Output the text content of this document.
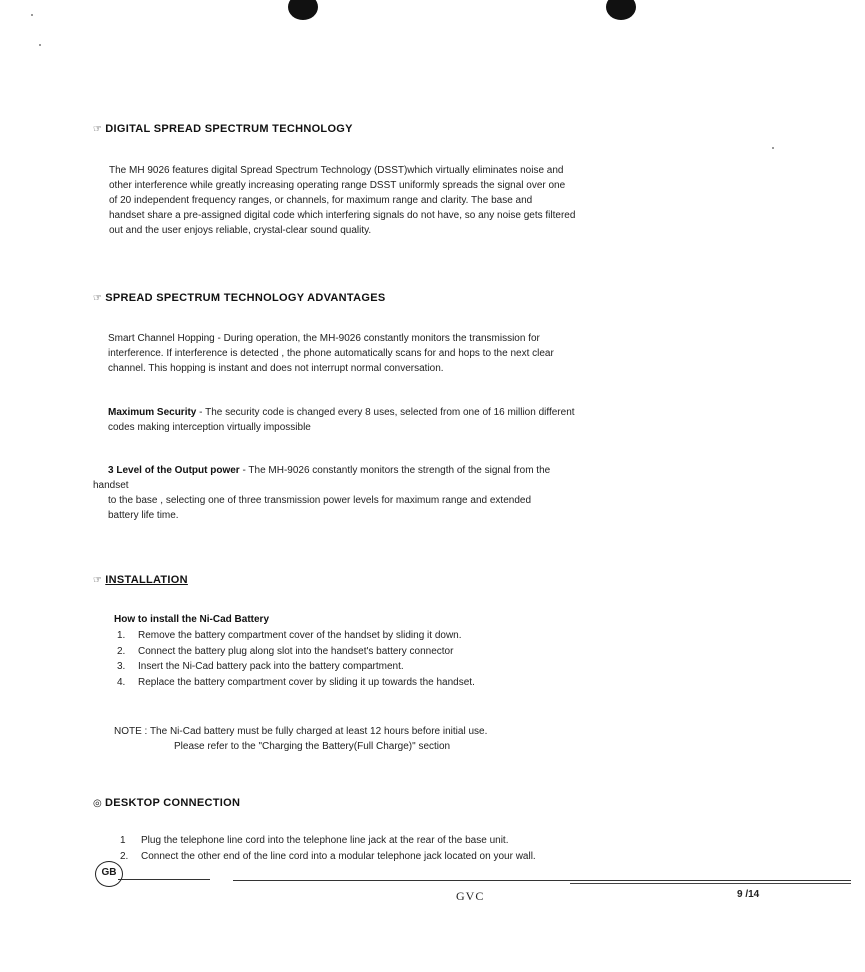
☞ DIGITAL SPREAD SPECTRUM TECHNOLOGY
The MH 9026 features digital Spread Spectrum Technology (DSST)which virtually eliminates noise and
other interference while greatly increasing operating range DSST uniformly spreads the signal over one
of 20 independent frequency ranges, or channels, for maximum range and clarity. The base and
handset share a pre-assigned digital code which interfering signals do not have, so any noise gets filtered
out and the user enjoys reliable, crystal-clear sound quality.
☞ SPREAD SPECTRUM TECHNOLOGY ADVANTAGES
Smart Channel Hopping - During operation, the MH-9026 constantly monitors the transmission for
interference. If interference is detected , the phone automatically scans for and hops to the next clear
channel. This hopping is instant and does not interrupt normal conversation.
Maximum Security - The security code is changed every 8 uses, selected from one of 16 million different
codes making interception virtually impossible
3 Level of the Output power - The MH-9026 constantly monitors the strength of the signal from the
handset
to the base , selecting one of three transmission power levels for maximum range and extended
battery life time.
☞ INSTALLATION
How to install the Ni-Cad Battery
1. Remove the battery compartment cover of the handset by sliding it down.
2. Connect the battery plug along slot into the handset's battery connector
3. Insert the Ni-Cad battery pack into the battery compartment.
4. Replace the battery compartment cover by sliding it up towards the handset.
NOTE : The Ni-Cad battery must be fully charged at least 12 hours before initial use.
Please refer to the "Charging the Battery(Full Charge)" section
◎ DESKTOP CONNECTION
1 Plug the telephone line cord into the telephone line jack at the rear of the base unit.
2. Connect the other end of the line cord into a modular telephone jack located on your wall.
GB
GVC	9 /14
